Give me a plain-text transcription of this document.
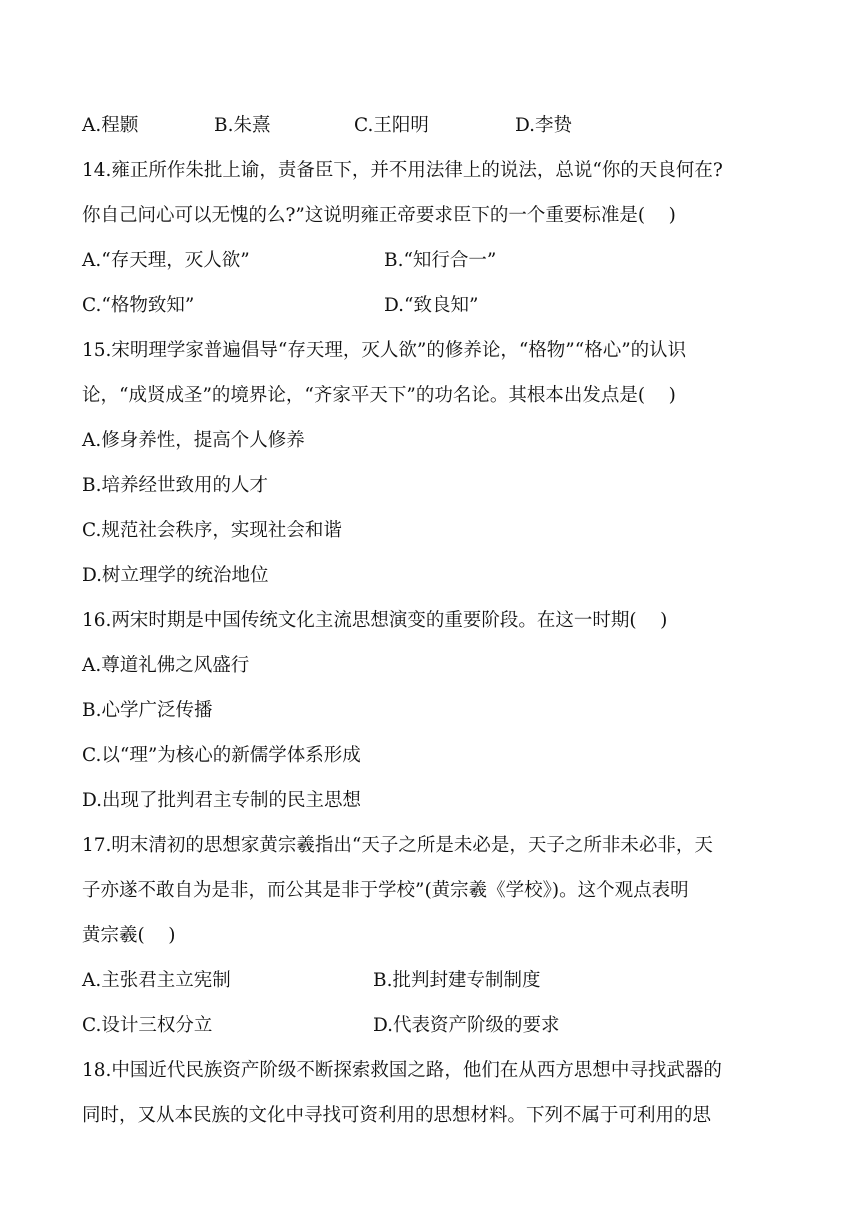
A.程颢	B.朱熹	C.王阳明	D.李贽
14.雍正所作朱批上谕，责备臣下，并不用法律上的说法，总说“你的天良何在?
你自己问心可以无愧的么?”这说明雍正帝要求臣下的一个重要标准是(    )
A.“存天理，灭人欲”	B.“知行合一”
C.“格物致知”	D.“致良知”
15.宋明理学家普遍倡导“存天理，灭人欲”的修养论，“格物”“格心”的认识
论，“成贤成圣”的境界论，“齐家平天下”的功名论。其根本出发点是(    )
A.修身养性，提高个人修养
B.培养经世致用的人才
C.规范社会秩序，实现社会和谐
D.树立理学的统治地位
16.两宋时期是中国传统文化主流思想演变的重要阶段。在这一时期(    )
A.尊道礼佛之风盛行
B.心学广泛传播
C.以“理”为核心的新儒学体系形成
D.出现了批判君主专制的民主思想
17.明末清初的思想家黄宗羲指出“天子之所是未必是，天子之所非未必非，天
子亦遂不敢自为是非，而公其是非于学校”(黄宗羲《学校》)。这个观点表明
黄宗羲(    )
A.主张君主立宪制	B.批判封建专制制度
C.设计三权分立	D.代表资产阶级的要求
18.中国近代民族资产阶级不断探索救国之路，他们在从西方思想中寻找武器的
同时，又从本民族的文化中寻找可资利用的思想材料。下列不属于可利用的思
